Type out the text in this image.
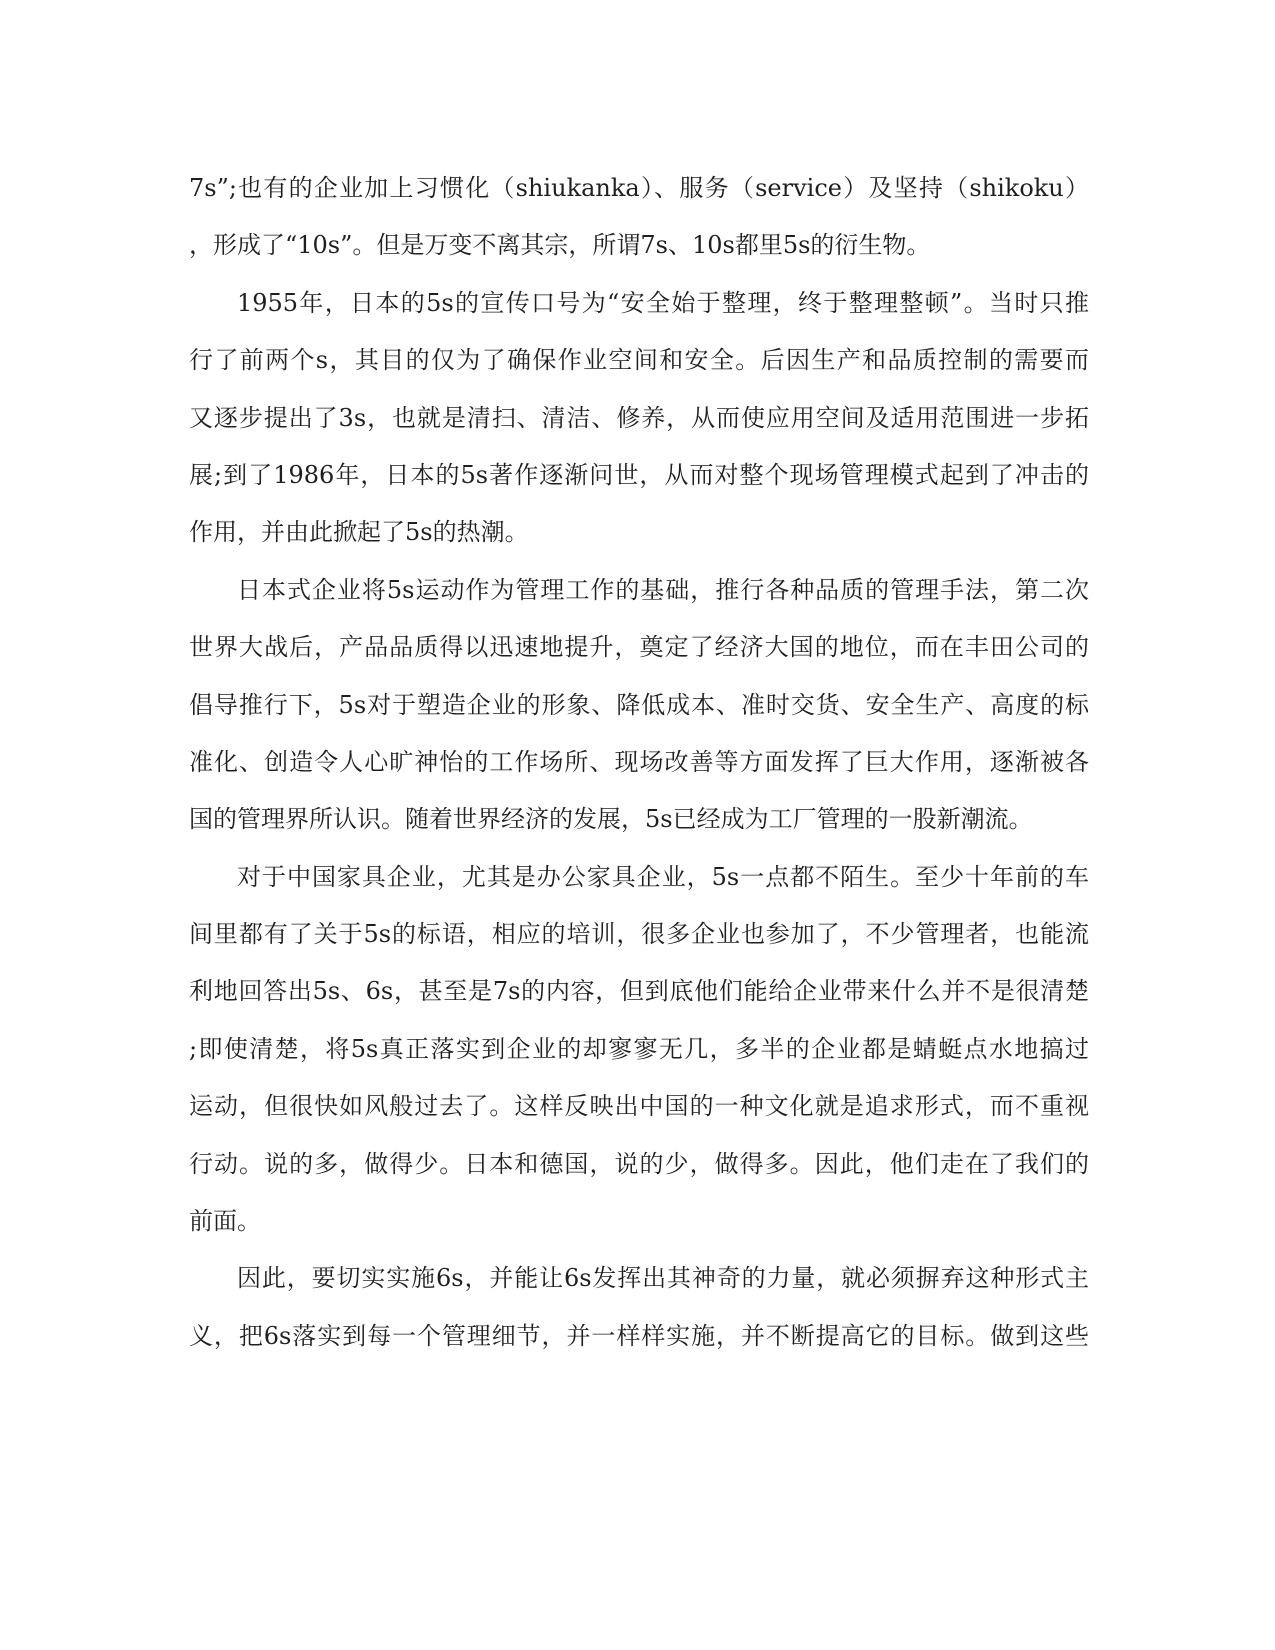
7s”;也有的企业加上习惯化（shiukanka）、服务（service）及坚持（shikoku）
，形成了“10s”。但是万变不离其宗，所谓7s、10s都里5s的衍生物。
1955年，日本的5s的宣传口号为“安全始于整理，终于整理整顿”。当时只推
行了前两个s，其目的仅为了确保作业空间和安全。后因生产和品质控制的需要而
又逐步提出了3s，也就是清扫、清洁、修养，从而使应用空间及适用范围进一步拓
展;到了1986年，日本的5s著作逐渐问世，从而对整个现场管理模式起到了冲击的
作用，并由此掀起了5s的热潮。
日本式企业将5s运动作为管理工作的基础，推行各种品质的管理手法，第二次
世界大战后，产品品质得以迅速地提升，奠定了经济大国的地位，而在丰田公司的
倡导推行下，5s对于塑造企业的形象、降低成本、准时交货、安全生产、高度的标
准化、创造令人心旷神怡的工作场所、现场改善等方面发挥了巨大作用，逐渐被各
国的管理界所认识。随着世界经济的发展，5s已经成为工厂管理的一股新潮流。
对于中国家具企业，尤其是办公家具企业，5s一点都不陌生。至少十年前的车
间里都有了关于5s的标语，相应的培训，很多企业也参加了，不少管理者，也能流
利地回答出5s、6s，甚至是7s的内容，但到底他们能给企业带来什么并不是很清楚
;即使清楚，将5s真正落实到企业的却寥寥无几，多半的企业都是蜻蜓点水地搞过
运动，但很快如风般过去了。这样反映出中国的一种文化就是追求形式，而不重视
行动。说的多，做得少。日本和德国，说的少，做得多。因此，他们走在了我们的
前面。
因此，要切实实施6s，并能让6s发挥出其神奇的力量，就必须摒弃这种形式主
义，把6s落实到每一个管理细节，并一样样实施，并不断提高它的目标。做到这些
